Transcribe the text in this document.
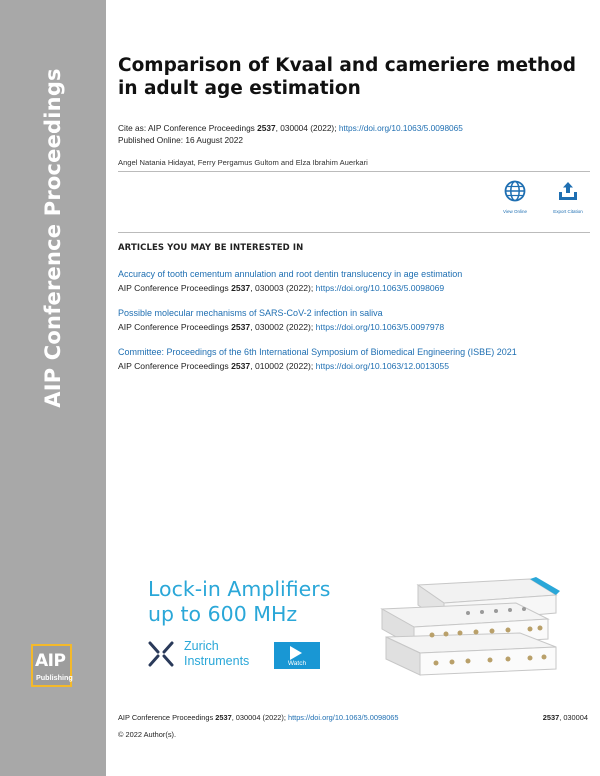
AIP Conference Proceedings
AIP
Publishing
Comparison of Kvaal and cameriere method in adult age estimation
Cite as: AIP Conference Proceedings 2537, 030004 (2022); https://doi.org/10.1063/5.0098065
Published Online: 16 August 2022
Angel Natania Hidayat, Ferry Pergamus Gultom and Elza Ibrahim Auerkari
View Online	Export Citation
ARTICLES YOU MAY BE INTERESTED IN
Accuracy of tooth cementum annulation and root dentin translucency in age estimation
AIP Conference Proceedings 2537, 030003 (2022); https://doi.org/10.1063/5.0098069
Possible molecular mechanisms of SARS-CoV-2 infection in saliva
AIP Conference Proceedings 2537, 030002 (2022); https://doi.org/10.1063/5.0097978
Committee: Proceedings of the 6th International Symposium of Biomedical Engineering (ISBE) 2021
AIP Conference Proceedings 2537, 010002 (2022); https://doi.org/10.1063/12.0013055
Lock-in Amplifiers
up to 600 MHz
Zurich
Instruments	Watch
AIP Conference Proceedings 2537, 030004 (2022); https://doi.org/10.1063/5.0098065	2537, 030004
© 2022 Author(s).
